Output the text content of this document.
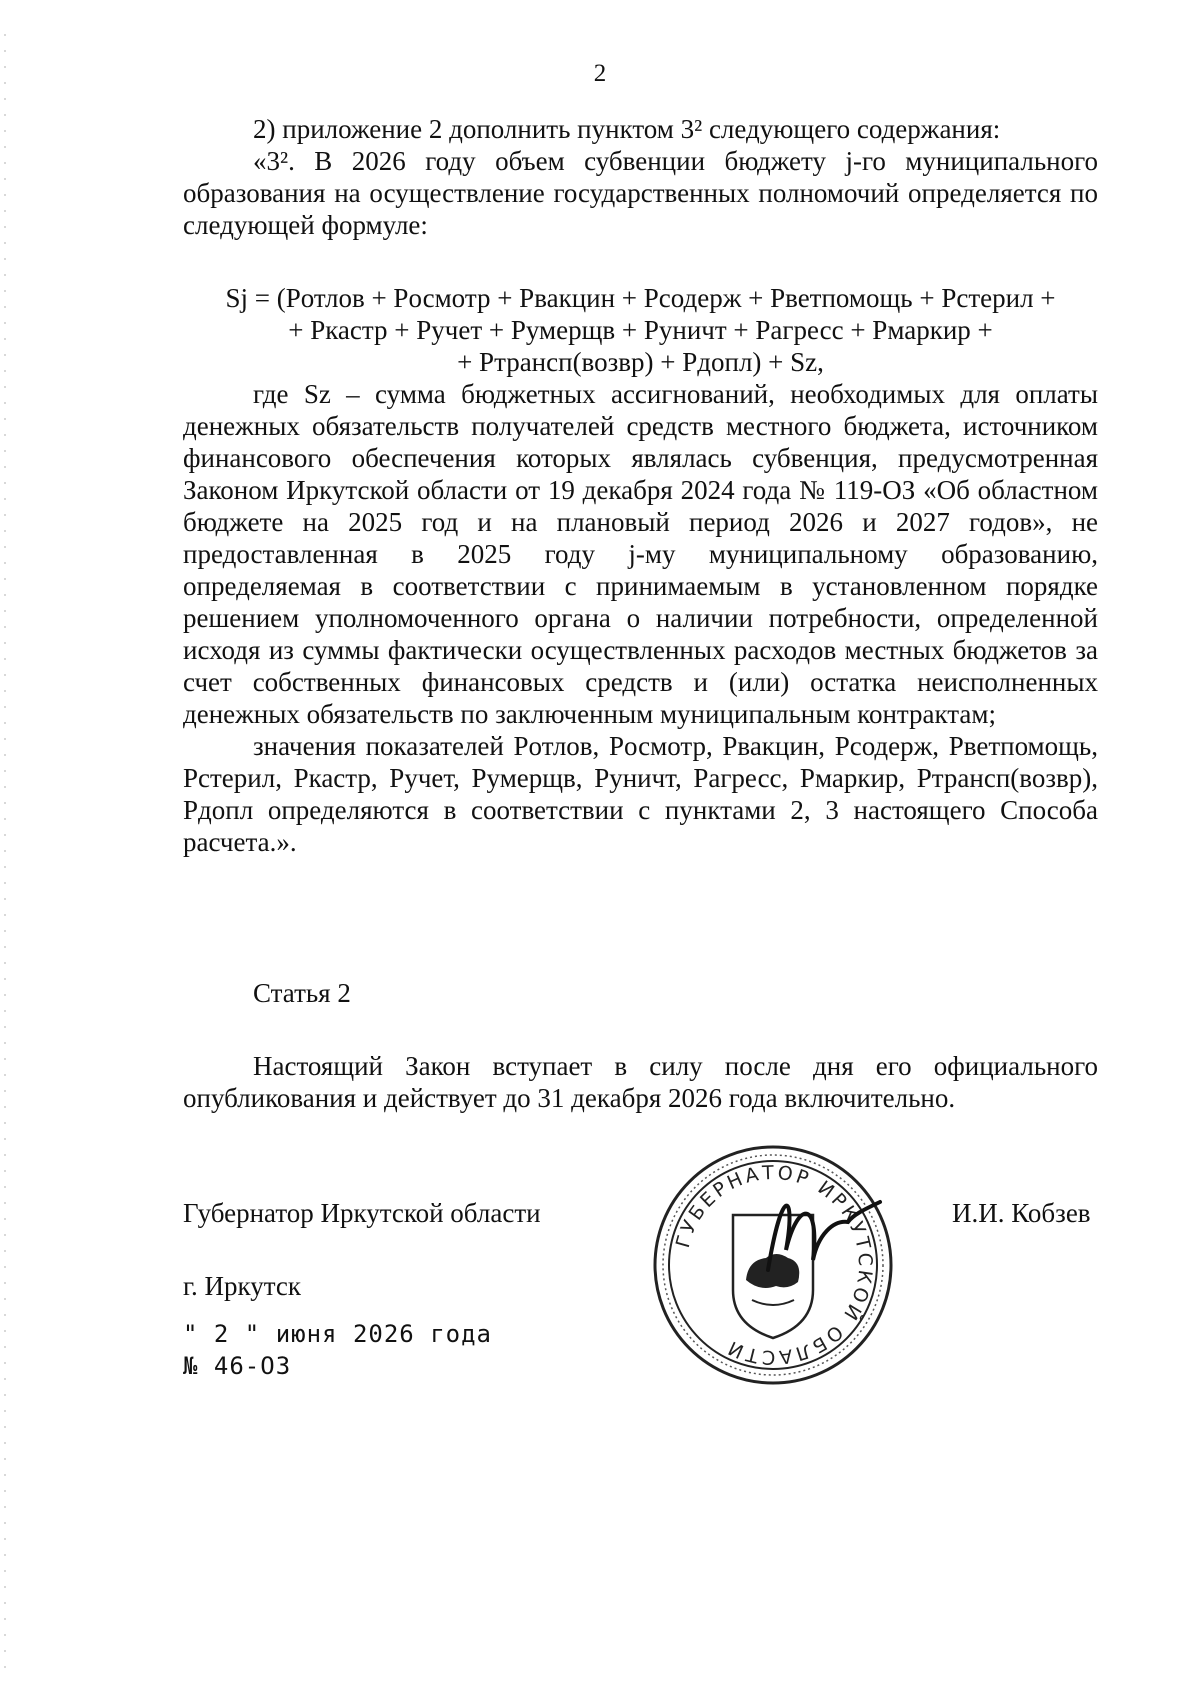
2

2) приложение 2 дополнить пунктом 3² следующего содержания:

«3². В 2026 году объем субвенции бюджету j-го муниципального образования на осуществление государственных полномочий определяется по следующей формуле:

Sj = (Pотлов + Pосмотр + Pвакцин + Pсодерж + Pветпомощь + Pстерил +
+ Pкастр + Pучет + Pумерщв + Pуничт + Pагресс + Pмаркир +
+ Pтрансп(возвр) + Pдопл) + Sz,

где Sz – сумма бюджетных ассигнований, необходимых для оплаты денежных обязательств получателей средств местного бюджета, источником финансового обеспечения которых являлась субвенция, предусмотренная Законом Иркутской области от 19 декабря 2024 года № 119-ОЗ «Об областном бюджете на 2025 год и на плановый период 2026 и 2027 годов», не предоставленная в 2025 году j-му муниципальному образованию, определяемая в соответствии с принимаемым в установленном порядке решением уполномоченного органа о наличии потребности, определенной исходя из суммы фактически осуществленных расходов местных бюджетов за счет собственных финансовых средств и (или) остатка неисполненных денежных обязательств по заключенным муниципальным контрактам;

значения показателей Pотлов, Pосмотр, Pвакцин, Pсодерж, Pветпомощь, Pстерил, Pкастр, Pучет, Pумерщв, Pуничт, Pагресс, Pмаркир, Pтрансп(возвр), Pдопл определяются в соответствии с пунктами 2, 3 настоящего Способа расчета.».

Статья 2

Настоящий Закон вступает в силу после дня его официального опубликования и действует до 31 декабря 2026 года включительно.

Губернатор Иркутской области
г. Иркутск
" 2 " июня 2026 года
№ 46-ОЗ
ГУБЕРНАТОР ИРКУТСКОЙ ОБЛАСТИ
И.И. Кобзев
